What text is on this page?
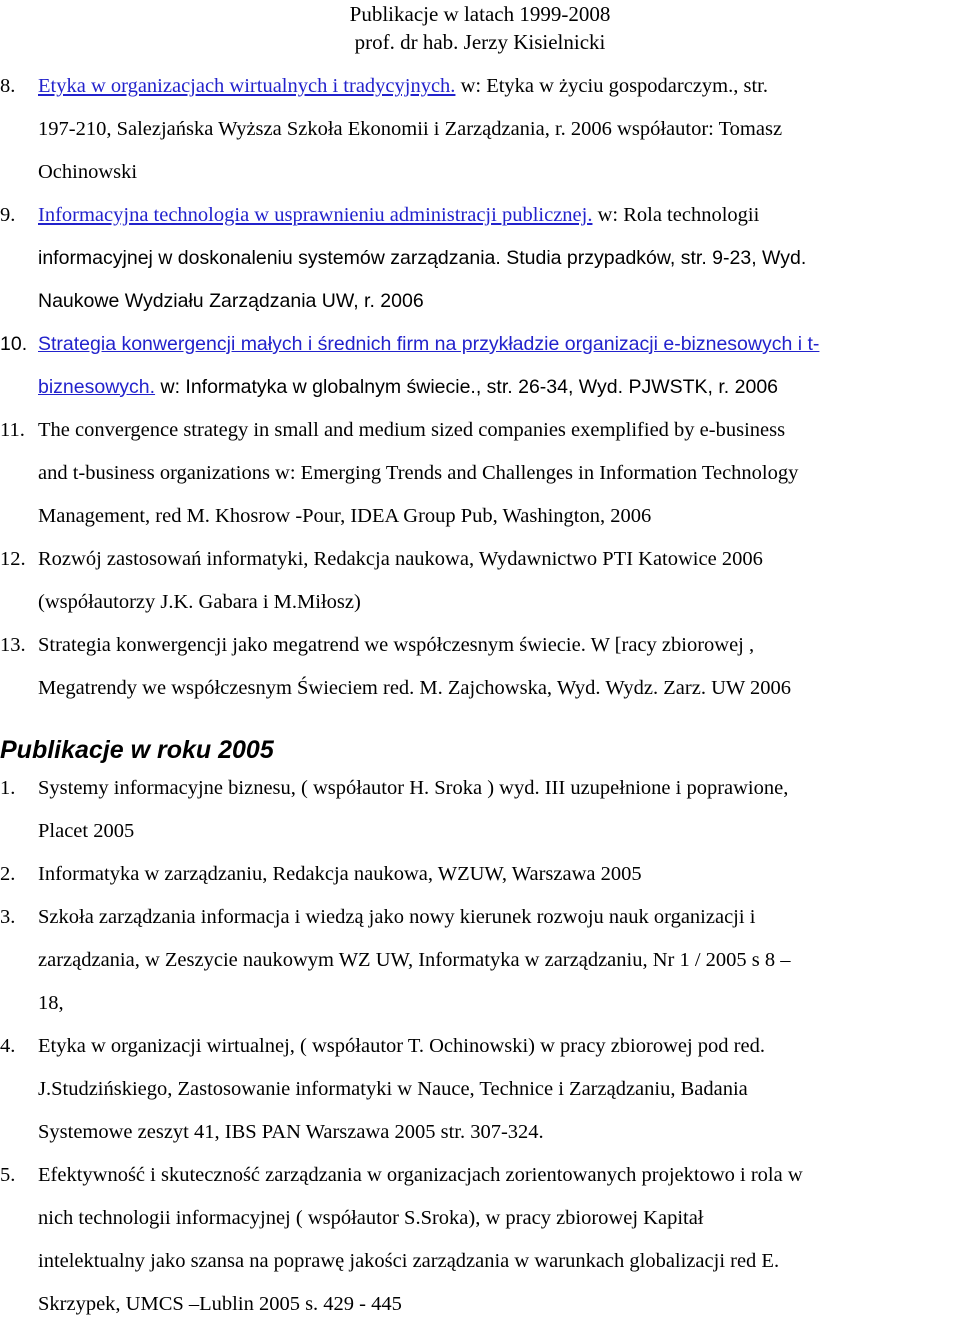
Publikacje w latach 1999-2008
prof. dr hab. Jerzy Kisielnicki
8. Etyka w organizacjach wirtualnych i tradycyjnych. w: Etyka w życiu gospodarczym., str.
197-210, Salezjańska Wyższa Szkoła Ekonomii i Zarządzania, r. 2006 współautor: Tomasz
Ochinowski
9. Informacyjna technologia w usprawnieniu administracji publicznej. w: Rola technologii
informacyjnej w doskonaleniu systemów zarządzania. Studia przypadków, str. 9-23, Wyd.
Naukowe Wydziału Zarządzania UW, r. 2006
10. Strategia konwergencji małych i średnich firm na przykładzie organizacji e-biznesowych i t-
biznesowych. w: Informatyka w globalnym świecie., str. 26-34, Wyd. PJWSTK, r. 2006
11. The convergence strategy in small and medium sized companies exemplified by e-business
and t-business organizations w: Emerging Trends and Challenges in Information Technology
Management, red M. Khosrow -Pour, IDEA Group Pub, Washington, 2006
12. Rozwój zastosowań informatyki, Redakcja naukowa, Wydawnictwo PTI Katowice 2006
(współautorzy J.K. Gabara i M.Miłosz)
13. Strategia konwergencji jako megatrend we współczesnym świecie. W [racy zbiorowej ,
Megatrendy we współczesnym Świeciem red. M. Zajchowska, Wyd. Wydz. Zarz. UW 2006
Publikacje w roku 2005
1. Systemy informacyjne biznesu, ( współautor H. Sroka ) wyd. III uzupełnione i poprawione,
Placet 2005
2. Informatyka w zarządzaniu, Redakcja naukowa, WZUW, Warszawa 2005
3. Szkoła zarządzania informacja i wiedzą jako nowy kierunek rozwoju nauk organizacji i
zarządzania, w Zeszycie naukowym WZ UW, Informatyka w zarządzaniu, Nr 1 / 2005 s 8 –
18,
4. Etyka w organizacji wirtualnej, ( współautor T. Ochinowski) w pracy zbiorowej pod red.
J.Studzińskiego, Zastosowanie informatyki w Nauce, Technice i Zarządzaniu, Badania
Systemowe zeszyt 41, IBS PAN Warszawa 2005 str. 307-324.
5. Efektywność i skuteczność zarządzania w organizacjach zorientowanych projektowo i rola w
nich technologii informacyjnej ( współautor S.Sroka), w pracy zbiorowej Kapitał
intelektualny jako szansa na poprawę jakości zarządzania w warunkach globalizacji red E.
Skrzypek, UMCS –Lublin 2005 s. 429 - 445
